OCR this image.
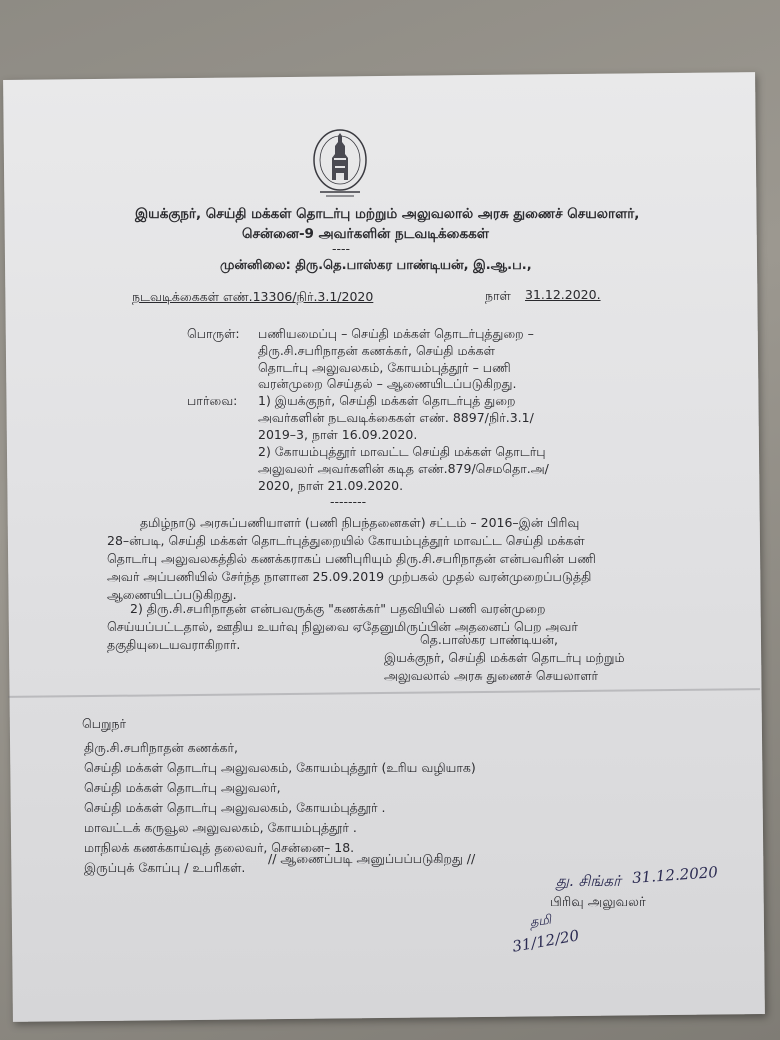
இயக்குநர், செய்தி மக்கள் தொடர்பு மற்றும் அலுவலால் அரசு துணைச் செயலாளர்,
சென்னை-9 அவர்களின் நடவடிக்கைகள்
----
முன்னிலை: திரு.தெ.பாஸ்கர பாண்டியன், இ.ஆ.ப.,
நடவடிக்கைகள் எண்.13306/நிர்.3.1/2020	நாள் 31.12.2020.
பொருள்: பணியமைப்பு – செய்தி மக்கள் தொடர்புத்துறை –
திரு.சி.சபரிநாதன் கணக்கர், செய்தி மக்கள்
தொடர்பு அலுவலகம், கோயம்புத்தூர் – பணி
வரன்முறை செய்தல் – ஆணையிடப்படுகிறது.
பார்வை: 1) இயக்குநர், செய்தி மக்கள் தொடர்புத் துறை
அவர்களின் நடவடிக்கைகள் எண். 8897/நிர்.3.1/
2019–3, நாள் 16.09.2020.
2) கோயம்புத்தூர் மாவட்ட செய்தி மக்கள் தொடர்பு
அலுவலர் அவர்களின் கடித எண்.879/செமதொ.அ/
2020, நாள் 21.09.2020.
--------
தமிழ்நாடு அரசுப்பணியாளர் (பணி நிபந்தனைகள்) சட்டம் – 2016–இன் பிரிவு
28–ன்படி, செய்தி மக்கள் தொடர்புத்துறையில் கோயம்புத்தூர் மாவட்ட செய்தி மக்கள்
தொடர்பு அலுவலகத்தில் கணக்கராகப் பணிபுரியும் திரு.சி.சபரிநாதன் என்பவரின் பணி
அவர் அப்பணியில் சேர்ந்த நாளான 25.09.2019 முற்பகல் முதல் வரன்முறைப்படுத்தி
ஆணையிடப்படுகிறது.
2) திரு.சி.சபரிநாதன் என்பவருக்கு "கணக்கர்" பதவியில் பணி வரன்முறை
செய்யப்பட்டதால், ஊதிய உயர்வு நிலுவை ஏதேனுமிருப்பின் அதனைப் பெற அவர்
தகுதியுடையவராகிறார்.	தெ.பாஸ்கர பாண்டியன்,
இயக்குநர், செய்தி மக்கள் தொடர்பு மற்றும்
அலுவலால் அரசு துணைச் செயலாளர்
பெறுநர்
திரு.சி.சபரிநாதன் கணக்கர்,
செய்தி மக்கள் தொடர்பு அலுவலகம், கோயம்புத்தூர் (உரிய வழியாக)
செய்தி மக்கள் தொடர்பு அலுவலர்,
செய்தி மக்கள் தொடர்பு அலுவலகம், கோயம்புத்தூர் .
மாவட்டக் கருவூல அலுவலகம், கோயம்புத்தூர் .
மாநிலக் கணக்காய்வுத் தலைவர், சென்னை– 18.
இருப்புக் கோப்பு / உபரிகள்.
// ஆணைப்படி அனுப்பப்படுகிறது //
து. சிங்கர் 31.12.2020
பிரிவு அலுவலர்
தமி
31/12/20
